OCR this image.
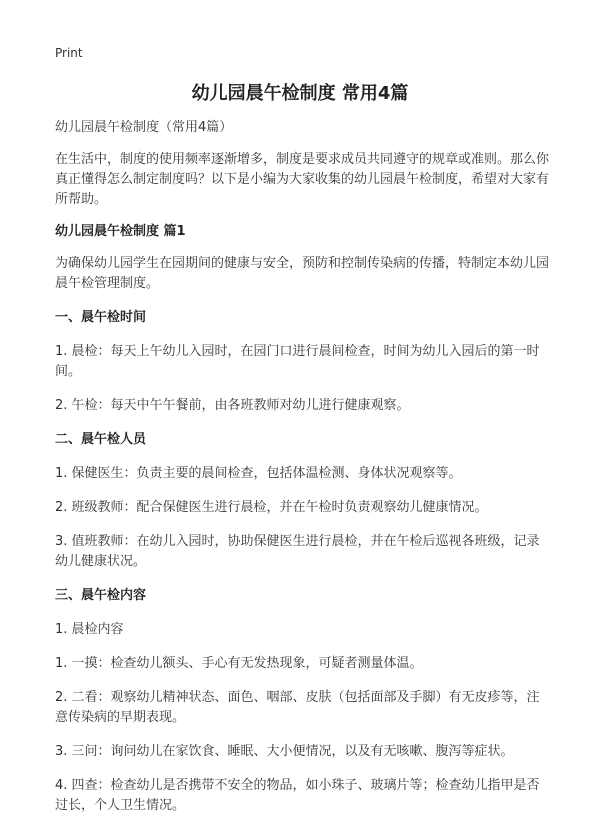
Print
幼儿园晨午检制度 常用4篇

幼儿园晨午检制度（常用4篇）

在生活中，制度的使用频率逐渐增多，制度是要求成员共同遵守的规章或准则。那么你真正懂得怎么制定制度吗？以下是小编为大家收集的幼儿园晨午检制度，希望对大家有所帮助。

幼儿园晨午检制度 篇1

为确保幼儿园学生在园期间的健康与安全，预防和控制传染病的传播，特制定本幼儿园晨午检管理制度。

一、晨午检时间

1. 晨检：每天上午幼儿入园时，在园门口进行晨间检查，时间为幼儿入园后的第一时间。

2. 午检：每天中午午餐前，由各班教师对幼儿进行健康观察。

二、晨午检人员

1. 保健医生：负责主要的晨间检查，包括体温检测、身体状况观察等。

2. 班级教师：配合保健医生进行晨检，并在午检时负责观察幼儿健康情况。

3. 值班教师：在幼儿入园时，协助保健医生进行晨检，并在午检后巡视各班级，记录幼儿健康状况。

三、晨午检内容

1. 晨检内容

1. 一摸：检查幼儿额头、手心有无发热现象，可疑者测量体温。

2. 二看：观察幼儿精神状态、面色、咽部、皮肤（包括面部及手脚）有无皮疹等，注意传染病的早期表现。

3. 三问：询问幼儿在家饮食、睡眠、大小便情况，以及有无咳嗽、腹泻等症状。

4. 四查：检查幼儿是否携带不安全的物品，如小珠子、玻璃片等；检查幼儿指甲是否过长，个人卫生情况。
